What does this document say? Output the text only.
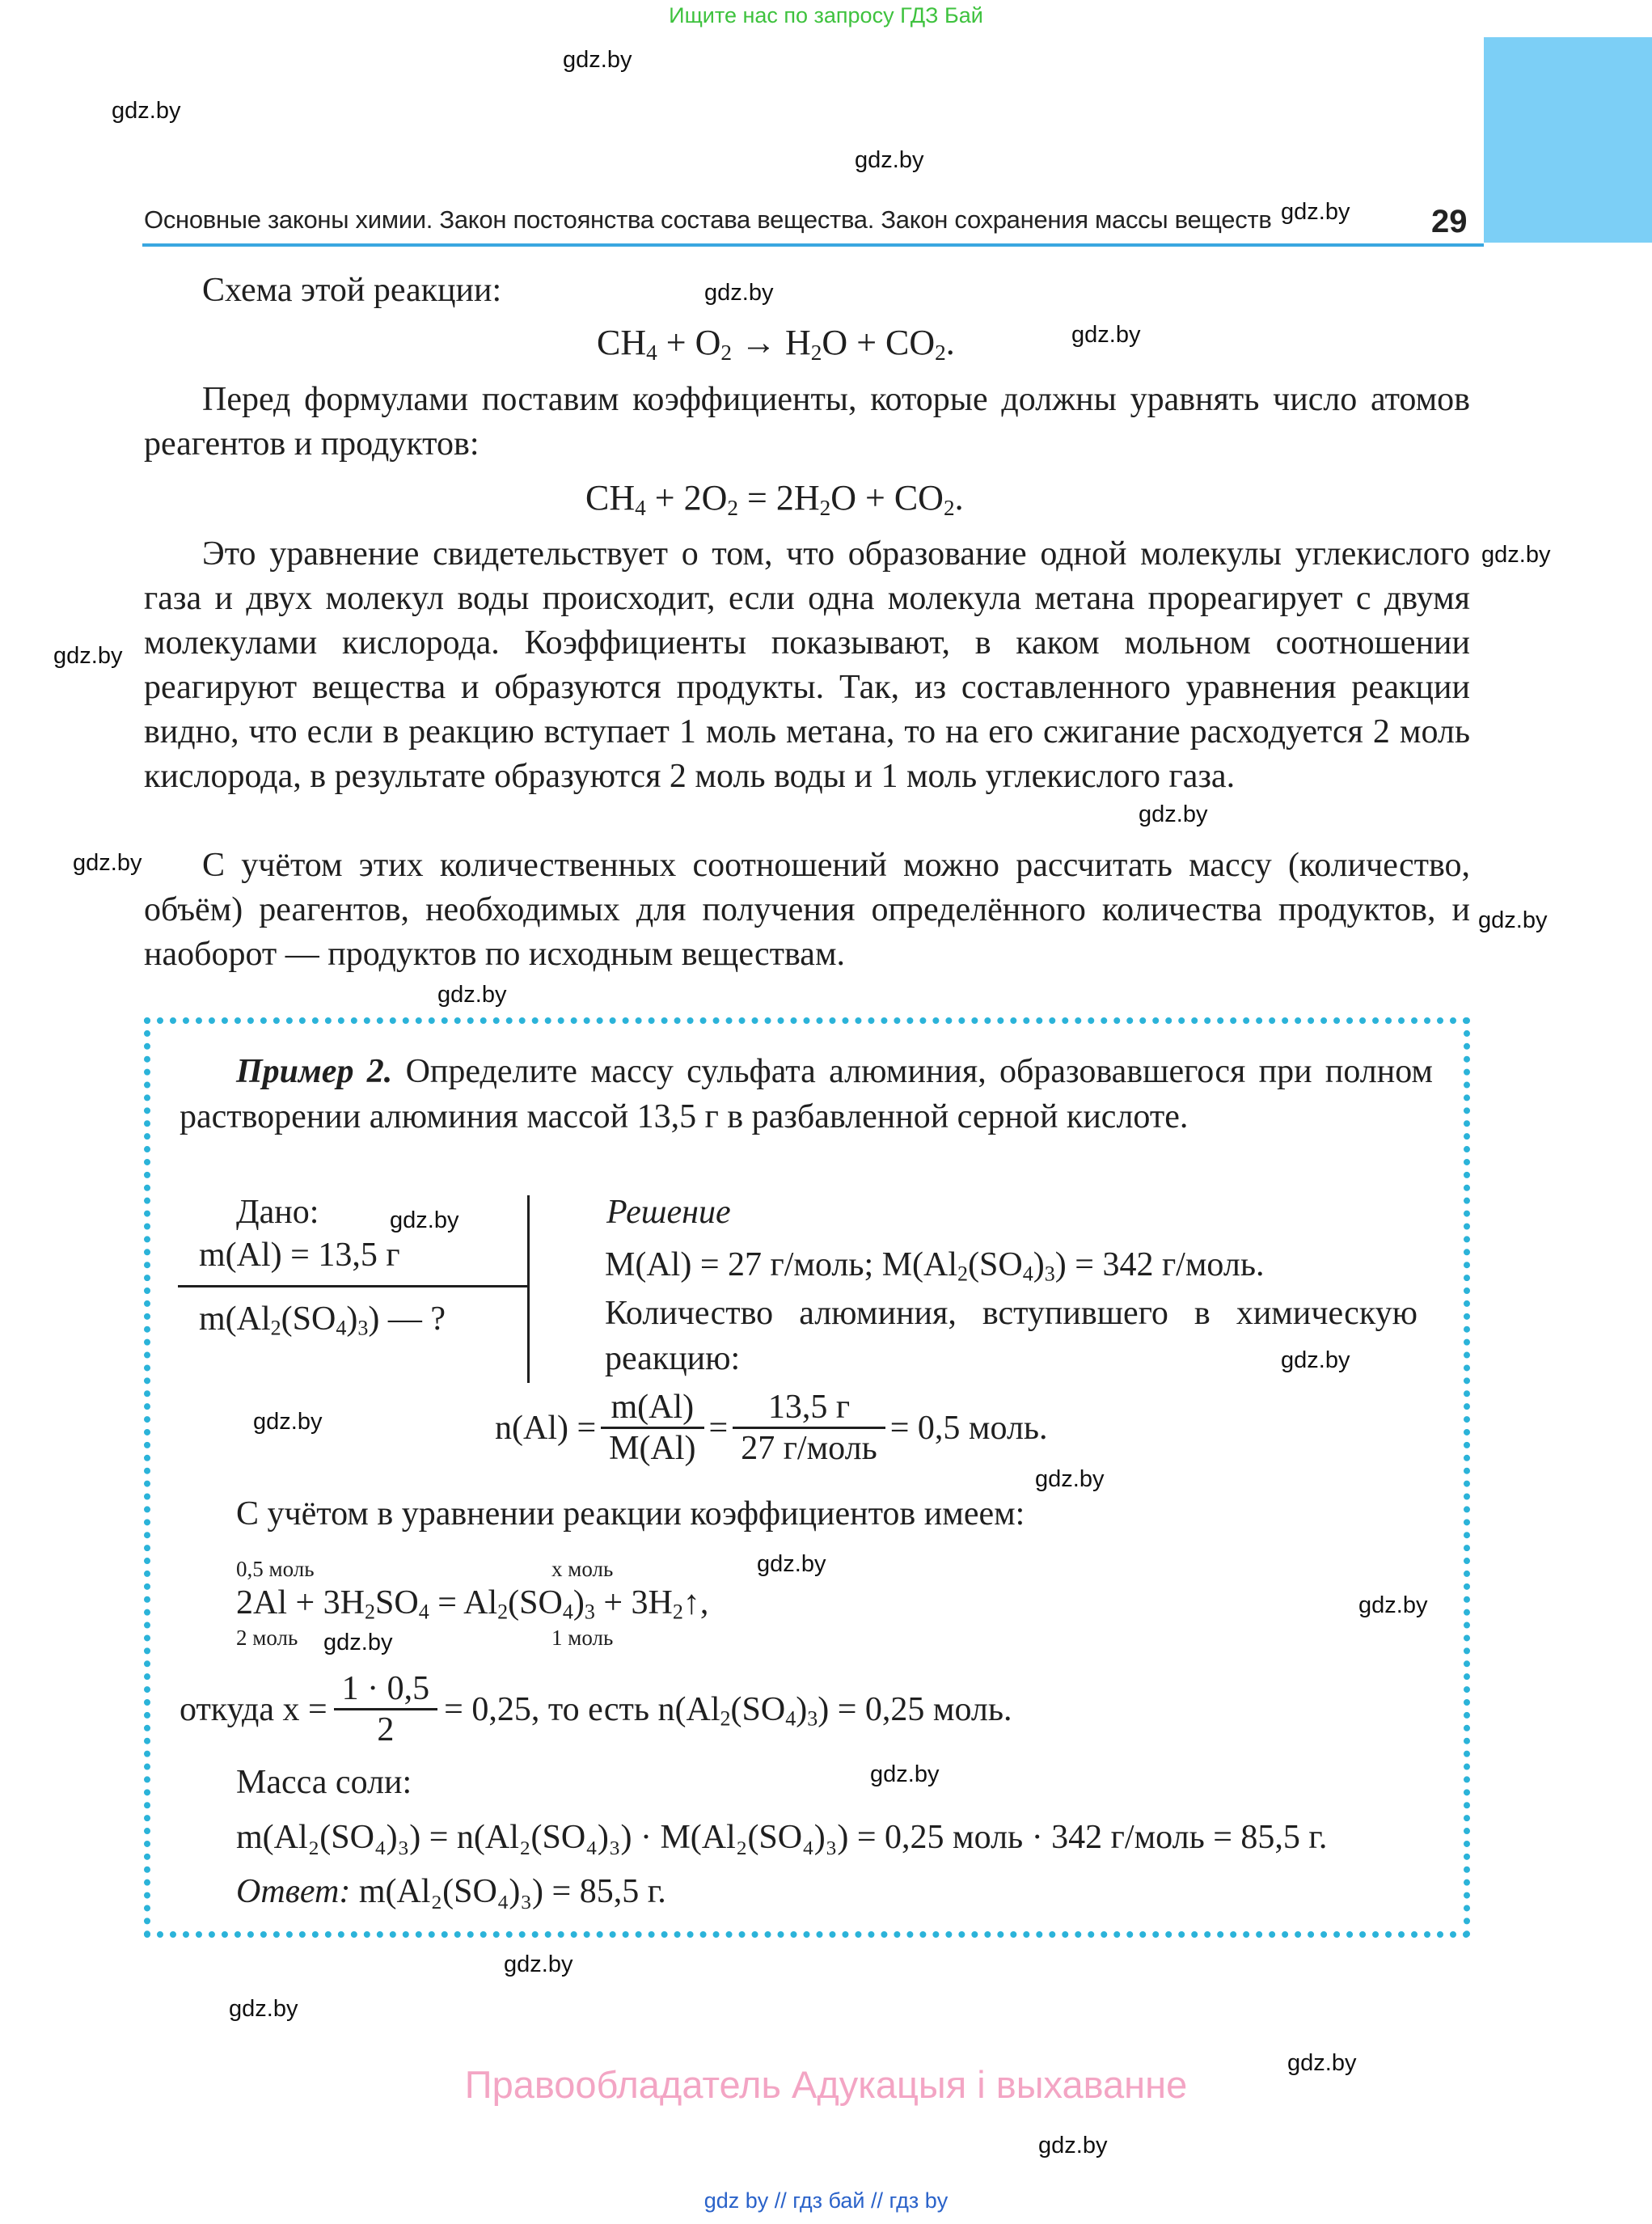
Ищите нас по запросу ГДЗ Бай
Основные законы химии. Закон постоянства состава вещества. Закон сохранения массы веществ	29
gdz.by
gdz.by
gdz.by
gdz.by
gdz.by
gdz.by
gdz.by
gdz.by
gdz.by
gdz.by
gdz.by
gdz.by
gdz.by
gdz.by
gdz.by
gdz.by
gdz.by
gdz.by
gdz.by
gdz.by
gdz.by
gdz.by
gdz.by
gdz.by
Схема этой реакции:
$CH_4 + O_2 \to H_2O + CO_2$.
Перед формулами поставим коэффициенты, которые должны уравнять число атомов реагентов и продуктов:
$CH_4 + 2O_2 = 2H_2O + CO_2$.
Это уравнение свидетельствует о том, что образование одной молекулы углекислого газа и двух молекул воды происходит, если одна молекула метана прореагирует с двумя молекулами кислорода. Коэффициенты показывают, в каком мольном соотношении реагируют вещества и образуются продукты. Так, из составленного уравнения реакции видно, что если в реакцию вступает 1 моль метана, то на его сжигание расходуется 2 моль кислорода, в результате образуются 2 моль воды и 1 моль углекислого газа.
С учётом этих количественных соотношений можно рассчитать массу (количество, объём) реагентов, необходимых для получения определённого количества продуктов, и наоборот — продуктов по исходным веществам.
Пример 2. Определите массу сульфата алюминия, образовавшегося при полном растворении алюминия массой 13,5 г в разбавленной серной кислоте.
Дано:
m(Al) = 13,5 г
$m(Al_2(SO_4)_3)$ — ?
Решение
M(Al) = 27 г/моль; $M(Al_2(SO_4)_3) = 342$ г/моль.
Количество алюминия, вступившего в химическую реакцию:
$n(Al) = \frac{m(Al)}{M(Al)} = \frac{13,5 г}{\text{27 г/моль}} = 0,5$ моль.
С учётом в уравнении реакции коэффициентов имеем:
0,5 моль	x моль
$2Al + 3H_2SO_4 = Al_2(SO_4)_3$ + $3H_2↑$,
2 моль	1 моль
откуда $x = \frac{1 \cdot 0,5}{2} = 0,25$, то есть $n(Al_2(SO_4)_3) = 0,25$ моль.
Масса соли:
m(Al₂(SO₄)₃) = n(Al₂(SO₄)₃) · M(Al₂(SO₄)₃) = 0,25 моль · 342 г/моль = 85,5 г.
Ответ: m(Al₂(SO₄)₃) = 85,5 г.
Правообладатель Адукацыя і выхаванне
gdz by // гдз бай // гдз by
